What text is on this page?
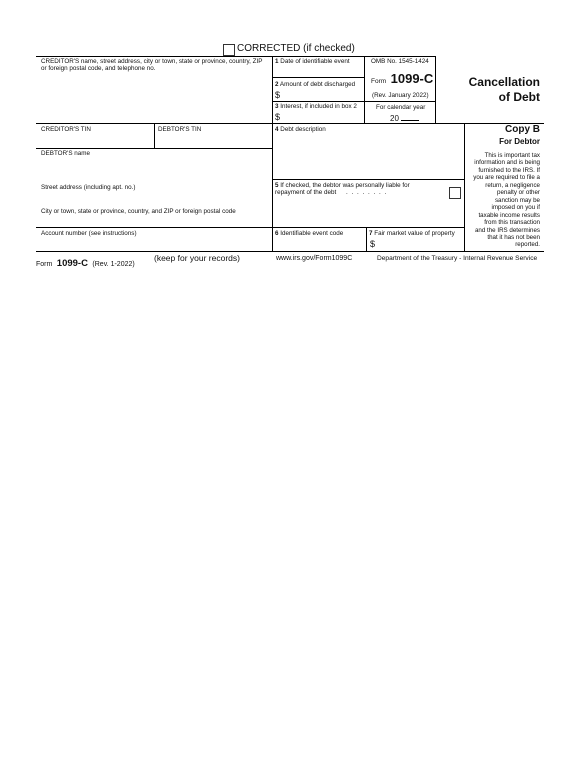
CORRECTED (if checked)
CREDITOR'S name, street address, city or town, state or province, country, ZIP or foreign postal code, and telephone no.
1 Date of identifiable event
2 Amount of debt discharged
$
3 Interest, if included in box 2
$
OMB No. 1545-1424
Form 1099-C
(Rev. January 2022)
For calendar year
20
Cancellation
of Debt
CREDITOR'S TIN	DEBTOR'S TIN	4 Debt description
DEBTOR'S name
Street address (including apt. no.)
City or town, state or province, country, and ZIP or foreign postal code
5 If checked, the debtor was personally liable for repayment of the debt . . . . . . . .
Account number (see instructions)	6 Identifiable event code	7 Fair market value of property
$
Copy B
For Debtor
This is important tax
information and is being
furnished to the IRS. If
you are required to file a
return, a negligence
penalty or other
sanction may be
imposed on you if
taxable income results
from this transaction
and the IRS determines
that it has not been
reported.
Form 1099-C (Rev. 1-2022)
(keep for your records)	www.irs.gov/Form1099C	Department of the Treasury - Internal Revenue Service
